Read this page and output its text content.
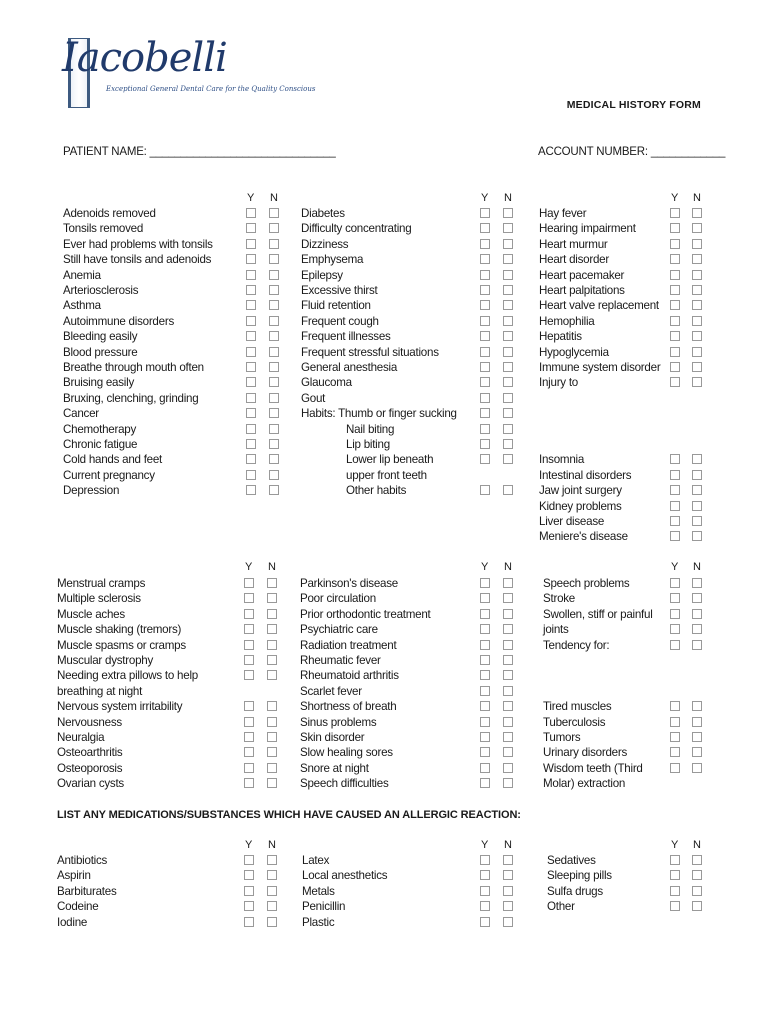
Iacobelli
Exceptional General Dental Care for the Quality Conscious
MEDICAL HISTORY FORM
PATIENT NAME: ______________________________	ACCOUNT NUMBER: ____________
LIST ANY MEDICATIONS/SUBSTANCES WHICH HAVE CAUSED AN ALLERGIC REACTION:
Y N
Adenoids removed
Tonsils removed
Ever had problems with tonsils
Still have tonsils and adenoids
Anemia
Arteriosclerosis
Asthma
Autoimmune disorders
Bleeding easily
Blood pressure
Breathe through mouth often
Bruising easily
Bruxing, clenching, grinding
Cancer
Chemotherapy
Chronic fatigue
Cold hands and feet
Current pregnancy
Depression
Y N
Diabetes
Difficulty concentrating
Dizziness
Emphysema
Epilepsy
Excessive thirst
Fluid retention
Frequent cough
Frequent illnesses
Frequent stressful situations
General anesthesia
Glaucoma
Gout
Habits: Thumb or finger sucking
Nail biting
Lip biting
Lower lip beneath
upper front teeth
Other habits
Y N
Hay fever
Hearing impairment
Heart murmur
Heart disorder
Heart pacemaker
Heart palpitations
Heart valve replacement
Hemophilia
Hepatitis
Hypoglycemia
Immune system disorder
Injury to
Insomnia
Intestinal disorders
Jaw joint surgery
Kidney problems
Liver disease
Meniere's disease
Y N
Menstrual cramps
Multiple sclerosis
Muscle aches
Muscle shaking (tremors)
Muscle spasms or cramps
Muscular dystrophy
Needing extra pillows to help
breathing at night
Nervous system irritability
Nervousness
Neuralgia
Osteoarthritis
Osteoporosis
Ovarian cysts
Y N
Parkinson's disease
Poor circulation
Prior orthodontic treatment
Psychiatric care
Radiation treatment
Rheumatic fever
Rheumatoid arthritis
Scarlet fever
Shortness of breath
Sinus problems
Skin disorder
Slow healing sores
Snore at night
Speech difficulties
Y N
Speech problems
Stroke
Swollen, stiff or painful
joints
Tendency for:
Tired muscles
Tuberculosis
Tumors
Urinary disorders
Wisdom teeth (Third
Molar) extraction
Y N
Antibiotics
Aspirin
Barbiturates
Codeine
Iodine
Y N
Latex
Local anesthetics
Metals
Penicillin
Plastic
Y N
Sedatives
Sleeping pills
Sulfa drugs
Other
